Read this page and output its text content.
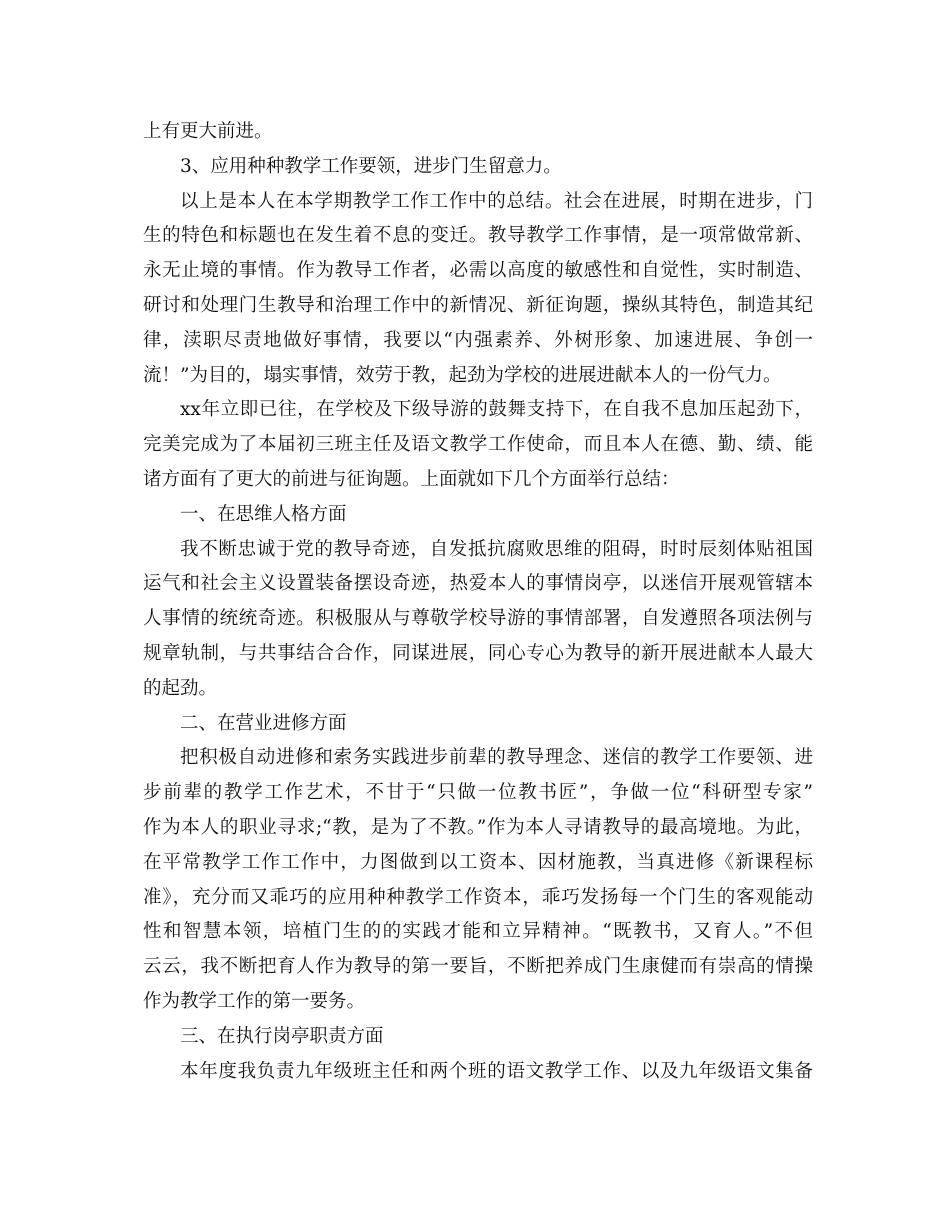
上有更大前进。
3、应用种种教学工作要领，进步门生留意力。
以上是本人在本学期教学工作工作中的总结。社会在进展，时期在进步，门
生的特色和标题也在发生着不息的变迁。教导教学工作事情，是一项常做常新、
永无止境的事情。作为教导工作者，必需以高度的敏感性和自觉性，实时制造、
研讨和处理门生教导和治理工作中的新情况、新征询题，操纵其特色，制造其纪
律，渎职尽责地做好事情，我要以“内强素养、外树形象、加速进展、争创一
流！”为目的，塌实事情，效劳于教，起劲为学校的进展进献本人的一份气力。
xx年立即已往，在学校及下级导游的鼓舞支持下，在自我不息加压起劲下，
完美完成为了本届初三班主任及语文教学工作使命，而且本人在德、勤、绩、能
诸方面有了更大的前进与征询题。上面就如下几个方面举行总结：
一、在思维人格方面
我不断忠诚于党的教导奇迹，自发抵抗腐败思维的阻碍，时时辰刻体贴祖国
运气和社会主义设置装备摆设奇迹，热爱本人的事情岗亭，以迷信开展观管辖本
人事情的统统奇迹。积极服从与尊敬学校导游的事情部署，自发遵照各项法例与
规章轨制，与共事结合合作，同谋进展，同心专心为教导的新开展进献本人最大
的起劲。
二、在营业进修方面
把积极自动进修和索务实践进步前辈的教导理念、迷信的教学工作要领、进
步前辈的教学工作艺术，不甘于“只做一位教书匠”，争做一位“科研型专家”
作为本人的职业寻求;“教，是为了不教。”作为本人寻请教导的最高境地。为此，
在平常教学工作工作中，力图做到以工资本、因材施教，当真进修《新课程标
准》，充分而又乖巧的应用种种教学工作资本，乖巧发扬每一个门生的客观能动
性和智慧本领，培植门生的的实践才能和立异精神。“既教书，又育人。”不但
云云，我不断把育人作为教导的第一要旨，不断把养成门生康健而有崇高的情操
作为教学工作的第一要务。
三、在执行岗亭职责方面
本年度我负责九年级班主任和两个班的语文教学工作、以及九年级语文集备
